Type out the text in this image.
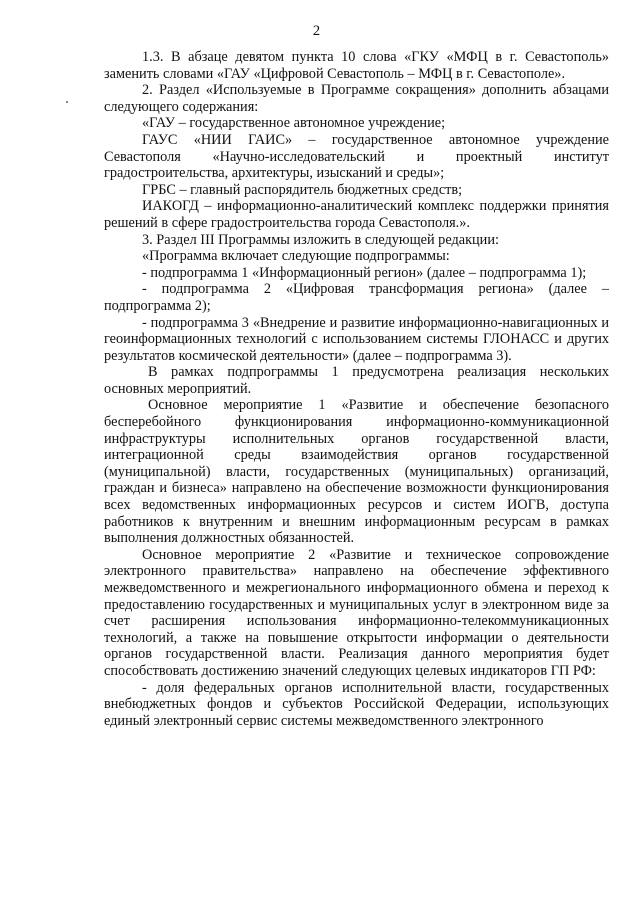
2

1.3. В абзаце девятом пункта 10 слова «ГКУ «МФЦ в г. Севастополь» заменить словами «ГАУ «Цифровой Севастополь – МФЦ в г. Севастополе».

2. Раздел «Используемые в Программе сокращения» дополнить абзацами следующего содержания:

«ГАУ – государственное автономное учреждение;

ГАУС «НИИ ГАИС» – государственное автономное учреждение Севастополя «Научно-исследовательский и проектный институт градостроительства, архитектуры, изысканий и среды»;

ГРБС – главный распорядитель бюджетных средств;

ИАКОГД – информационно-аналитический комплекс поддержки принятия решений в сфере градостроительства города Севастополя.».

3. Раздел III Программы изложить в следующей редакции:

«Программа включает следующие подпрограммы:

- подпрограмма 1 «Информационный регион» (далее – подпрограмма 1);

- подпрограмма 2 «Цифровая трансформация региона» (далее – подпрограмма 2);

- подпрограмма 3 «Внедрение и развитие информационно-навигационных и геоинформационных технологий с использованием системы ГЛОНАСС и других результатов космической деятельности» (далее – подпрограмма 3).

В рамках подпрограммы 1 предусмотрена реализация нескольких основных мероприятий.

Основное мероприятие 1 «Развитие и обеспечение безопасного бесперебойного функционирования информационно-коммуникационной инфраструктуры исполнительных органов государственной власти, интеграционной среды взаимодействия органов государственной (муниципальной) власти, государственных (муниципальных) организаций, граждан и бизнеса» направлено на обеспечение возможности функционирования всех ведомственных информационных ресурсов и систем ИОГВ, доступа работников к внутренним и внешним информационным ресурсам в рамках выполнения должностных обязанностей.

Основное мероприятие 2 «Развитие и техническое сопровождение электронного правительства» направлено на обеспечение эффективного межведомственного и межрегионального информационного обмена и переход к предоставлению государственных и муниципальных услуг в электронном виде за счет расширения использования информационно-телекоммуникационных технологий, а также на повышение открытости информации о деятельности органов государственной власти. Реализация данного мероприятия будет способствовать достижению значений следующих целевых индикаторов ГП РФ:

- доля федеральных органов исполнительной власти, государственных внебюджетных фондов и субъектов Российской Федерации, использующих единый электронный сервис системы межведомственного электронного
